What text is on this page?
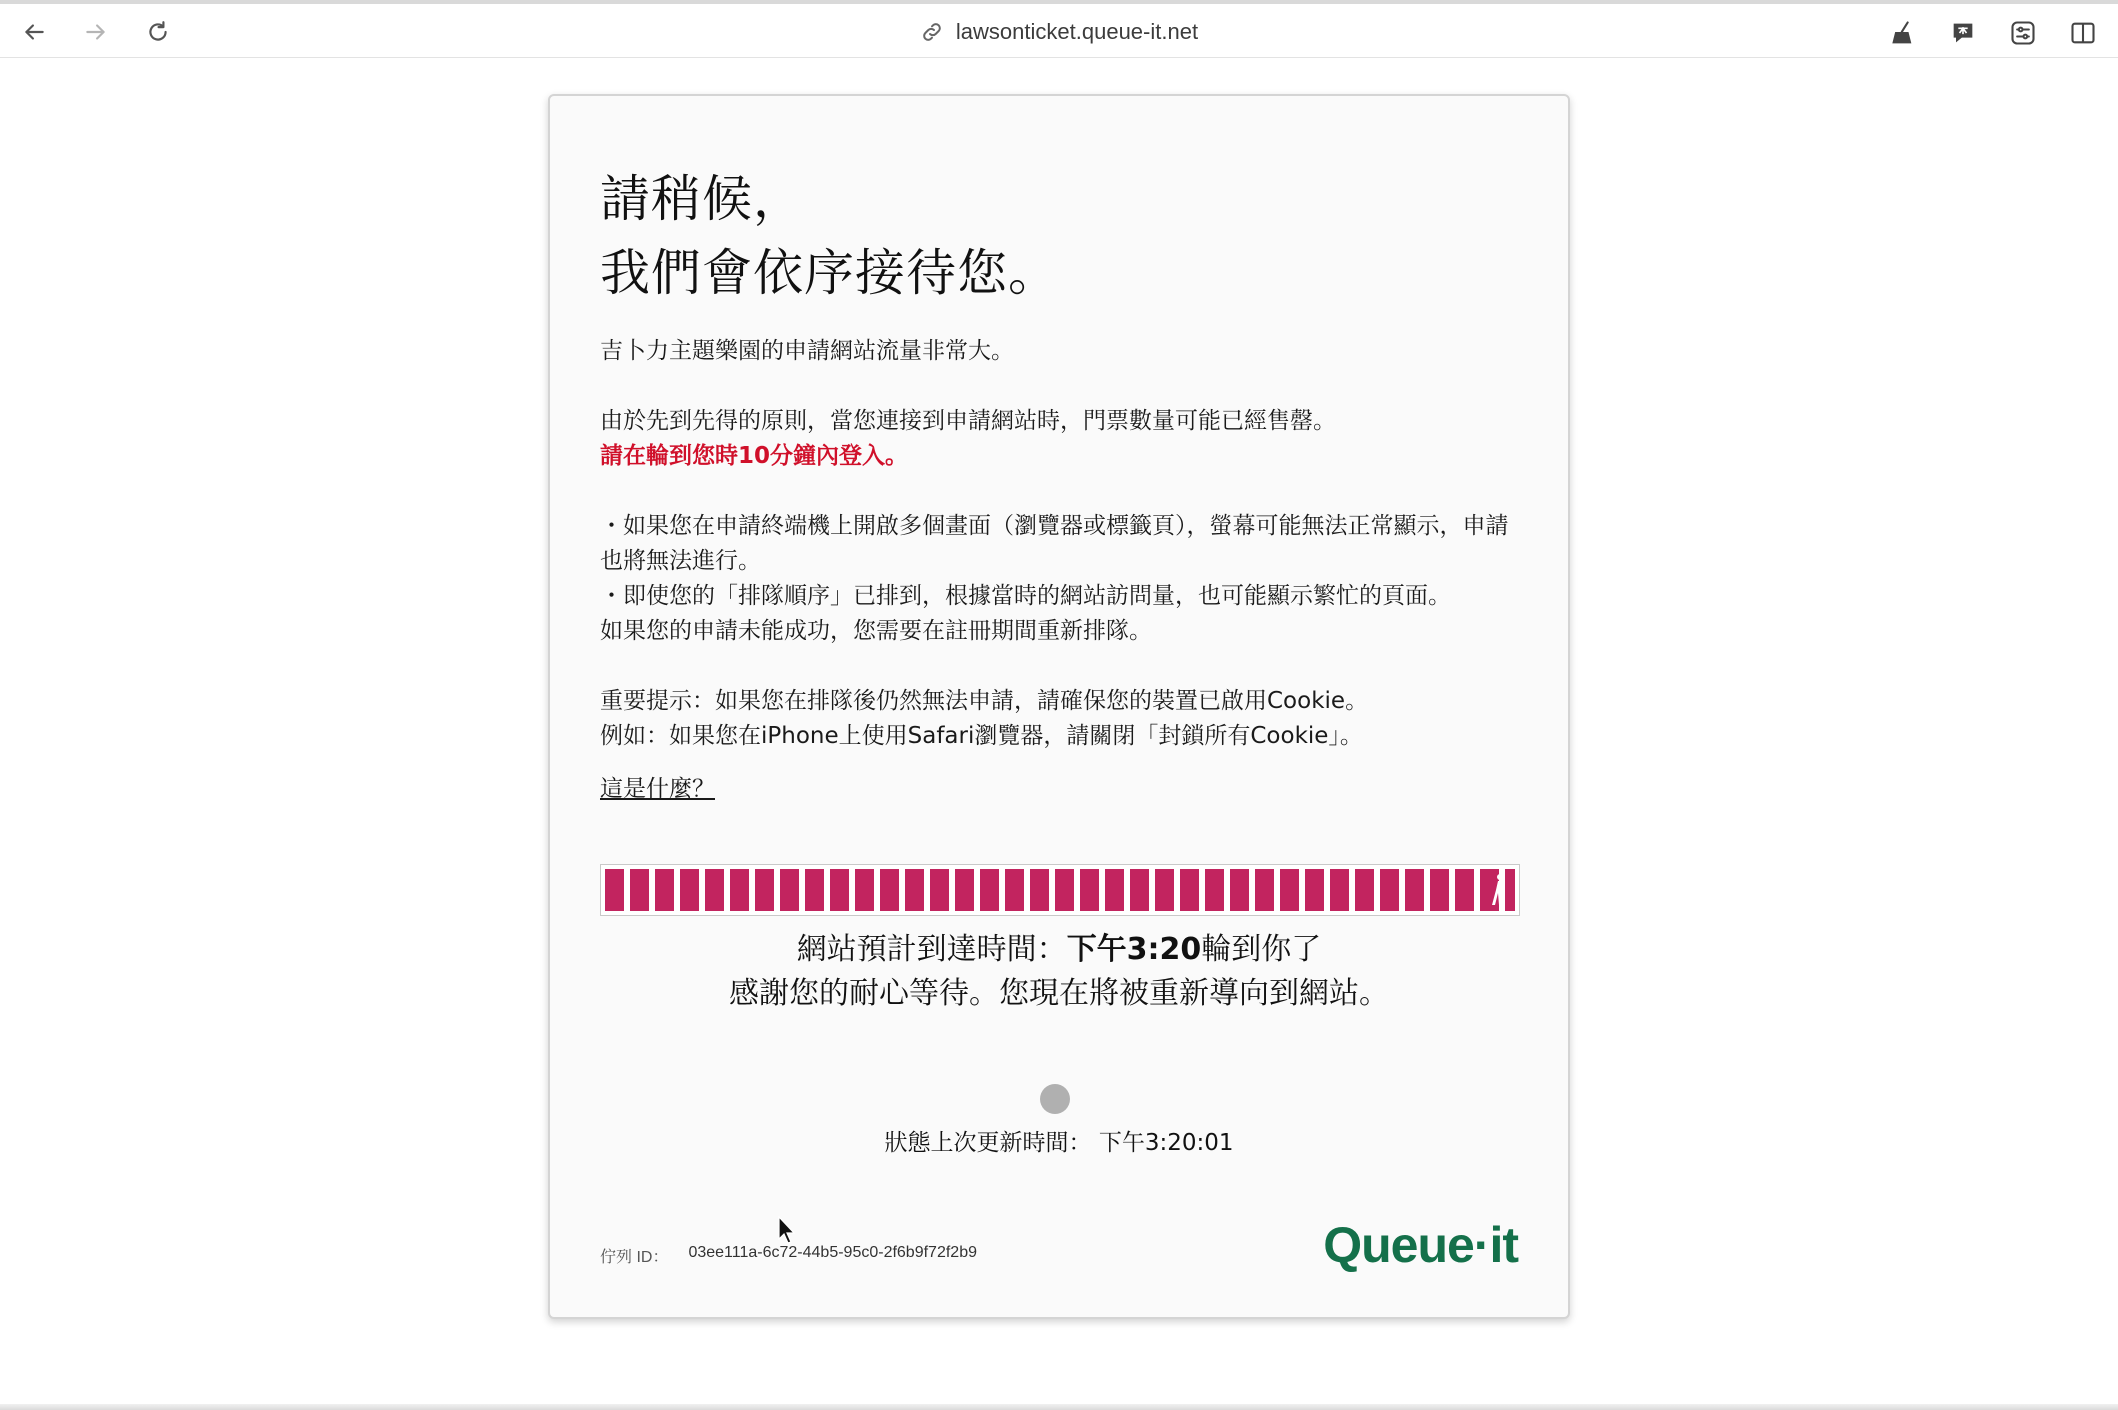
lawsonticket.queue-it.net
請稍候，
我們會依序接待您。

吉卜力主題樂園的申請網站流量非常大。

由於先到先得的原則，當您連接到申請網站時，門票數量可能已經售罄。

請在輪到您時10分鐘內登入。

・如果您在申請終端機上開啟多個畫面（瀏覽器或標籤頁），螢幕可能無法正常顯示，申請也將無法進行。

・即使您的「排隊順序」已排到，根據當時的網站訪問量，也可能顯示繁忙的頁面。

如果您的申請未能成功，您需要在註冊期間重新排隊。

重要提示：如果您在排隊後仍然無法申請，請確保您的裝置已啟用Cookie。

例如：如果您在iPhone上使用Safari瀏覽器，請關閉「封鎖所有Cookie」。

這是什麼？
網站預計到達時間：下午3:20輪到你了
感謝您的耐心等待。您現在將被重新導向到網站。
狀態上次更新時間： 下午3:20:01
佇列 ID： 03ee111a-6c72-44b5-95c0-2f6b9f72f2b9	Queue·it
